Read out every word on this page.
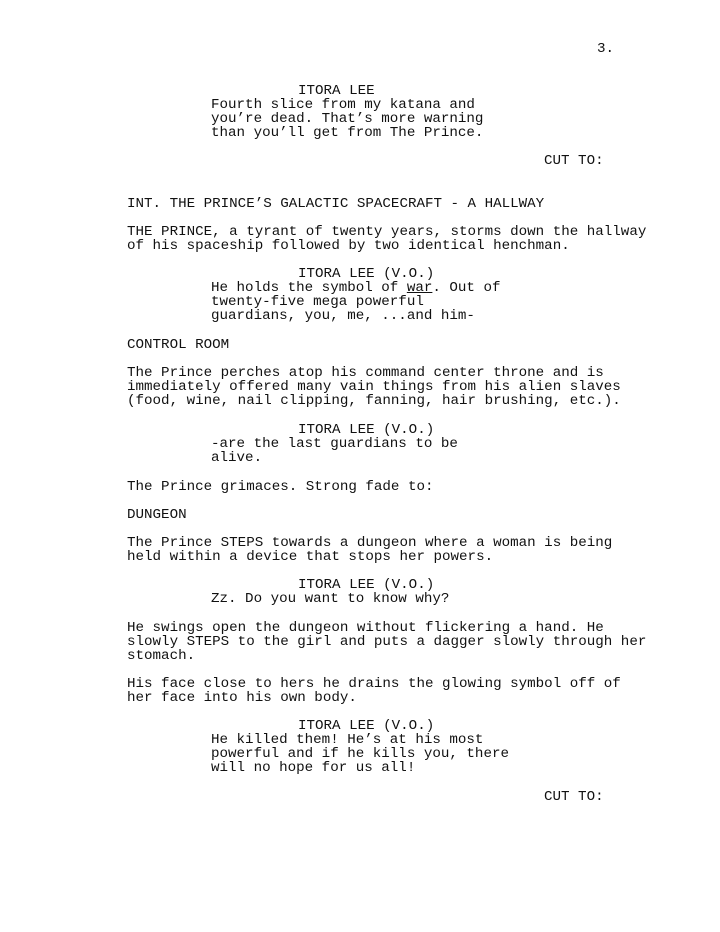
3.

ITORA LEE

Fourth slice from my katana and

you’re dead. That’s more warning

than you’ll get from The Prince.

CUT TO:

INT. THE PRINCE’S GALACTIC SPACECRAFT - A HALLWAY

THE PRINCE, a tyrant of twenty years, storms down the hallway

of his spaceship followed by two identical henchman.

ITORA LEE (V.O.)

He holds the symbol of war. Out of

twenty-five mega powerful

guardians, you, me, ...and him-

CONTROL ROOM

The Prince perches atop his command center throne and is

immediately offered many vain things from his alien slaves

(food, wine, nail clipping, fanning, hair brushing, etc.).

ITORA LEE (V.O.)

-are the last guardians to be

alive.

The Prince grimaces. Strong fade to:

DUNGEON

The Prince STEPS towards a dungeon where a woman is being

held within a device that stops her powers.

ITORA LEE (V.O.)

Zz. Do you want to know why?

He swings open the dungeon without flickering a hand. He

slowly STEPS to the girl and puts a dagger slowly through her

stomach.

His face close to hers he drains the glowing symbol off of

her face into his own body.

ITORA LEE (V.O.)

He killed them! He’s at his most

powerful and if he kills you, there

will no hope for us all!

CUT TO:
